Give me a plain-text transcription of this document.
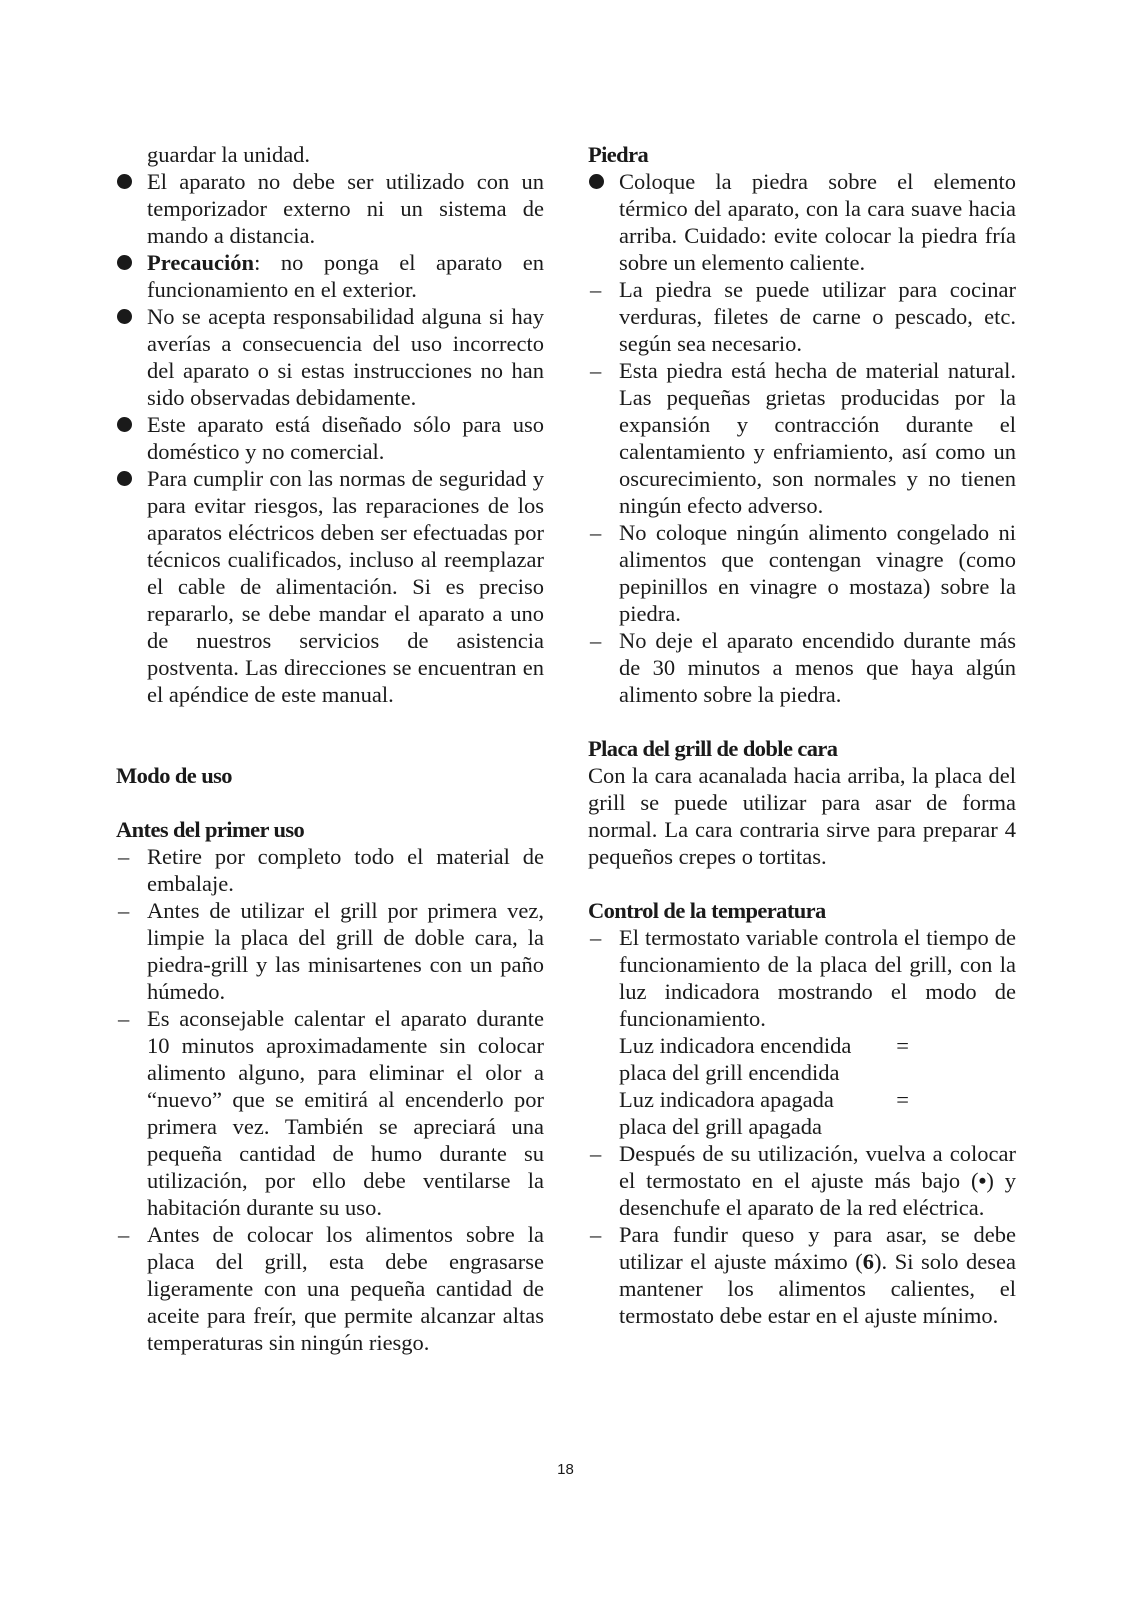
guardar la unidad.
El aparato no debe ser utilizado con un temporizador externo ni un sistema de mando a distancia.
Precaución: no ponga el aparato en funcionamiento en el exterior.
No se acepta responsabilidad alguna si hay averías a consecuencia del uso incorrecto del aparato o si estas instrucciones no han sido observadas debidamente.
Este aparato está diseñado sólo para uso doméstico y no comercial.
Para cumplir con las normas de seguridad y para evitar riesgos, las reparaciones de los aparatos eléctricos deben ser efectuadas por técnicos cualificados, incluso al reemplazar el cable de alimentación. Si es preciso repararlo, se debe mandar el aparato a uno de nuestros servicios de asistencia postventa. Las direcciones se encuentran en el apéndice de este manual.
Modo de uso
Antes del primer uso
– Retire por completo todo el material de embalaje.
– Antes de utilizar el grill por primera vez, limpie la placa del grill de doble cara, la piedra-grill y las minisartenes con un paño húmedo.
– Es aconsejable calentar el aparato durante 10 minutos aproximadamente sin colocar alimento alguno, para eliminar el olor a “nuevo” que se emitirá al encenderlo por primera vez. También se apreciará una pequeña cantidad de humo durante su utilización, por ello debe ventilarse la habitación durante su uso.
– Antes de colocar los alimentos sobre la placa del grill, esta debe engrasarse ligeramente con una pequeña cantidad de aceite para freír, que permite alcanzar altas temperaturas sin ningún riesgo.
Piedra
Coloque la piedra sobre el elemento térmico del aparato, con la cara suave hacia arriba. Cuidado: evite colocar la piedra fría sobre un elemento caliente.
– La piedra se puede utilizar para cocinar verduras, filetes de carne o pescado, etc. según sea necesario.
– Esta piedra está hecha de material natural. Las pequeñas grietas producidas por la expansión y contracción durante el calentamiento y enfriamiento, así como un oscurecimiento, son normales y no tienen ningún efecto adverso.
– No coloque ningún alimento congelado ni alimentos que contengan vinagre (como pepinillos en vinagre o mostaza) sobre la piedra.
– No deje el aparato encendido durante más de 30 minutos a menos que haya algún alimento sobre la piedra.
Placa del grill de doble cara
Con la cara acanalada hacia arriba, la placa del grill se puede utilizar para asar de forma normal. La cara contraria sirve para preparar 4 pequeños crepes o tortitas.
Control de la temperatura
– El termostato variable controla el tiempo de funcionamiento de la placa del grill, con la luz indicadora mostrando el modo de funcionamiento.
Luz indicadora encendida =
placa del grill encendida
Luz indicadora apagada	=
placa del grill apagada
– Después de su utilización, vuelva a colocar el termostato en el ajuste más bajo (•) y desenchufe el aparato de la red eléctrica.
– Para fundir queso y para asar, se debe utilizar el ajuste máximo (6). Si solo desea mantener los alimentos calientes, el termostato debe estar en el ajuste mínimo.
18
